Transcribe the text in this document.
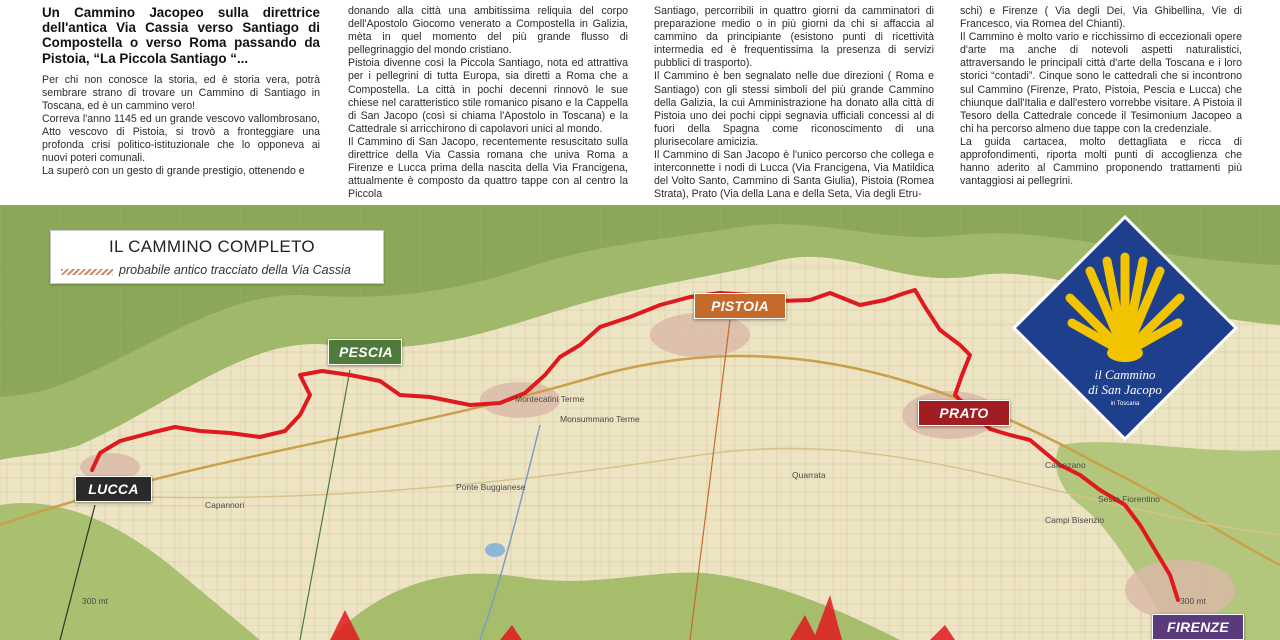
Un Cammino Jacopeo sulla direttrice dell'antica Via Cassia verso Santiago di Compostella o verso Roma passando da Pistoia, “La Piccola Santiago “...

Per chi non conosce la storia, ed è storia vera, potrà sembrare strano di trovare un Cammino di Santiago in Toscana, ed è un cammino vero!

Correva l'anno 1145 ed un grande vescovo vallombrosano, Atto vescovo di Pistoia, si trovò a fronteggiare una profonda crisi politico-istituzionale che lo opponeva ai nuovi poteri comunali.

La superò con un gesto di grande prestigio, ottenendo e

donando alla città una ambitissima reliquia del corpo dell'Apostolo Giocomo venerato a Compostella in Galizia, mèta in quel momento del più grande flusso di pellegrinaggio del mondo cristiano.

Pistoia divenne così la Piccola Santiago, nota ed attrattiva per i pellegrini di tutta Europa, sia diretti a Roma che a Compostella. La città in pochi decenni rinnovò le sue chiese nel caratteristico stile romanico pisano e la Cappella di San Jacopo (così si chiama l'Apostolo in Toscana) e la Cattedrale si arricchirono di capolavori unici al mondo.

Il Cammino di San Jacopo, recentemente resuscitato sulla direttrice della Via Cassia romana che univa Roma a Firenze e Lucca prima della nascita della Via Francigena, attualmente è composto da quattro tappe con al centro la Piccola

Santiago, percorribili in quattro giorni da camminatori di preparazione medio o in più giorni da chi si affaccia al cammino da principiante (esistono punti di ricettività intermedia ed è frequentissima la presenza di servizi pubblici di trasporto).

Il Cammino è ben segnalato nelle due direzioni ( Roma e Santiago) con gli stessi simboli del più grande Cammino della Galizia, la cui Amministrazione ha donato alla città di Pistoia uno dei pochi cippi segnavia ufficiali concessi al di fuori della Spagna come riconoscimento di una plurisecolare amicizia.

Il Cammino di San Jacopo è l'unico percorso che collega e interconnette i nodi di Lucca (Via Francigena, Via Matildica del Volto Santo, Cammino di Santa Giulia), Pistoia (Romea Strata), Prato (Via della Lana e della Seta, Via degli Etru-

schi) e Firenze ( Via degli Dei, Via Ghibellina, Vie di Francesco, via Romea del Chianti).

Il Cammino è molto vario e ricchissimo di eccezionali opere d'arte ma anche di notevoli aspetti naturalistici, attraversando le principali città d'arte della Toscana e i loro storici “contadi”. Cinque sono le cattedrali che si incontrono sul Cammino (Firenze, Prato, Pistoia, Pescia e Lucca) che chiunque dall'Italia e dall'estero vorrebbe visitare. A Pistoia il Tesoro della Cattedrale concede il Tesimonium Jacopeo a chi ha percorso almeno due tappe con la credenziale.

La guida cartacea, molto dettagliata e ricca di approfondimenti, riporta molti punti di accoglienza che hanno aderito al Cammino proponendo trattamenti più vantaggiosi ai pellegrini.

Capannori
Montecatini Terme
Monsummano Terme
Quarrata
Campi Bisenzio
Sesto Fiorentino
Ponte Buggianese
Calenzano
300 mt	300 mt
IL CAMMINO COMPLETO
probabile antico tracciato della Via Cassia
LUCCA
PESCIA
PISTOIA
PRATO
FIRENZE
il Cammino
di San Jacopo
in Toscana
